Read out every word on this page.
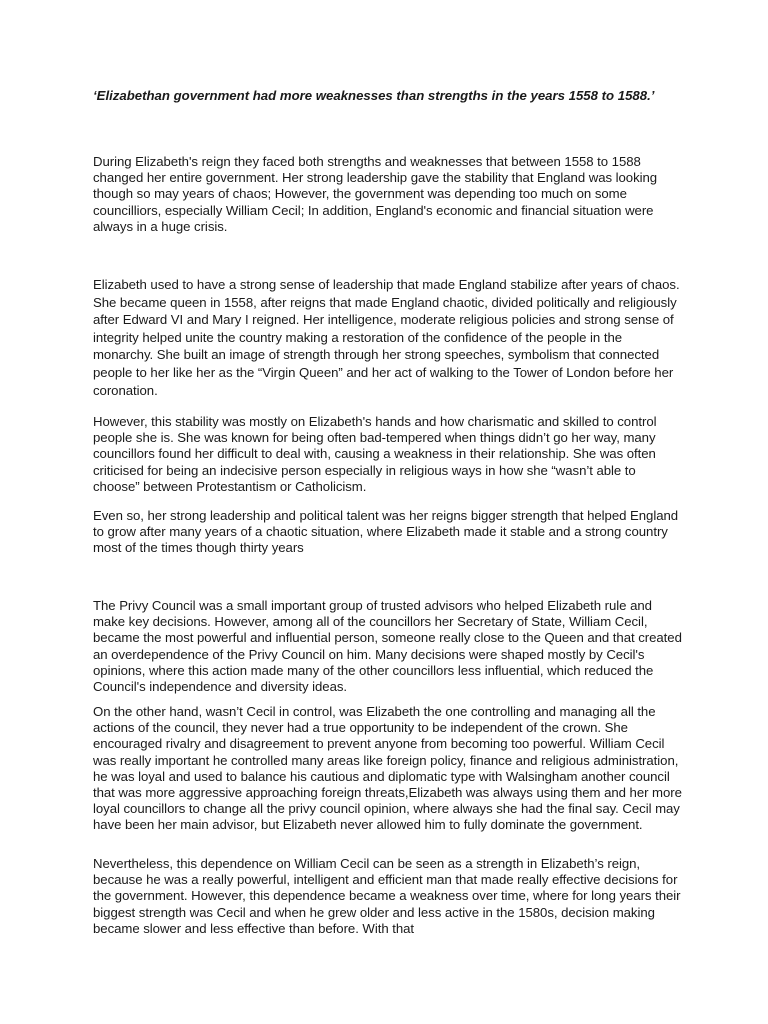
‘Elizabethan government had more weaknesses than strengths in the years 1558 to 1588.’

During Elizabeth's reign they faced both strengths and weaknesses that between 1558 to 1588 changed her entire government. Her strong leadership gave the stability that England was looking though so may years of chaos; However, the government was depending too much on some councilliors, especially William Cecil; In addition, England's economic and financial situation were always in a huge crisis.

Elizabeth used to have a strong sense of leadership that made England stabilize after years of chaos. She became queen in 1558, after reigns that made England chaotic, divided politically and religiously after Edward VI and Mary I reigned. Her intelligence, moderate religious policies and strong sense of integrity helped unite the country making a restoration of the confidence of the people in the monarchy. She built an image of strength through her strong speeches, symbolism that connected people to her like her as the “Virgin Queen” and her act of walking to the Tower of London before her coronation.

However, this stability was mostly on Elizabeth's hands and how charismatic and skilled to control people she is. She was known for being often bad-tempered when things didn’t go her way, many councillors found her difficult to deal with, causing a weakness in their relationship. She was often criticised for being an indecisive person especially in religious ways in how she “wasn’t able to choose” between Protestantism or Catholicism.

Even so, her strong leadership and political talent was her reigns bigger strength that helped England to grow after many years of a chaotic situation, where Elizabeth made it stable and a strong country most of the times though thirty years

The Privy Council was a small important group of trusted advisors who helped Elizabeth rule and make key decisions. However, among all of the councillors her Secretary of State, William Cecil, became the most powerful and influential person, someone really close to the Queen and that created an overdependence of the Privy Council on him. Many decisions were shaped mostly by Cecil's opinions, where this action made many of the other councillors less influential, which reduced the Council's independence and diversity ideas.

On the other hand, wasn’t Cecil in control, was Elizabeth the one controlling and managing all the actions of the council, they never had a true opportunity to be independent of the crown. She encouraged rivalry and disagreement to prevent anyone from becoming too powerful. William Cecil was really important he controlled many areas like foreign policy, finance and religious administration, he was loyal and used to balance his cautious and diplomatic type with Walsingham another council that was more aggressive approaching foreign threats,Elizabeth was always using them and her more loyal councillors to change all the privy council opinion, where always she had the final say. Cecil may have been her main advisor, but Elizabeth never allowed him to fully dominate the government.

Nevertheless, this dependence on William Cecil can be seen as a strength in Elizabeth’s reign, because he was a really powerful, intelligent and efficient man that made really effective decisions for the government. However, this dependence became a weakness over time, where for long years their biggest strength was Cecil and when he grew older and less active in the 1580s, decision making became slower and less effective than before. With that
